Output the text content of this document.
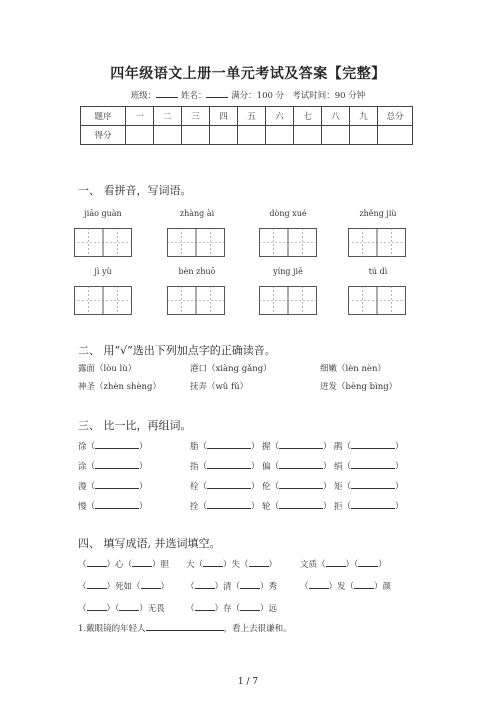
四年级语文上册一单元考试及答案【完整】
班级：	姓名：	满分：100 分 考试时间：90 分钟
题序	一	二	三	四	五	六	七	八	九	总分
得分										
一、 看拼音，写词语。
jiāo guàn	zhàng ài	dòng xué	zhěng jiù
jì yù	bèn zhuō	yíng jiē	tú dì
二、 用“√”选出下列加点字的正确读音。
露面（lòu lù）	港口（xiàng gǎng）	细嫩（lèn nèn）
神圣（zhèn shèng）	抚弄（wǔ fǔ）	迸发（bèng bìng）
三、 比一比，再组词。
徐（	）	脂（	） 握（	） 鹃（	）
涂（	）	指（	） 偏（	） 绢（	）
漫（	）	栓（	） 伦（	） 矩（	）
慢（	）	拴（	） 轮（	） 拒（	）
四、 填写成语, 并选词填空。
（ ）心（ ）胆 大（ ）失（ ）	文质（ ）（ ）
（ ）死如（ ） （ ）清（ ）秀	（ ）发（ ）颜
（ ）（ ）无畏 （ ）存（ ）远
1.戴眼镜的年轻人	，看上去很谦和。
1 / 7
